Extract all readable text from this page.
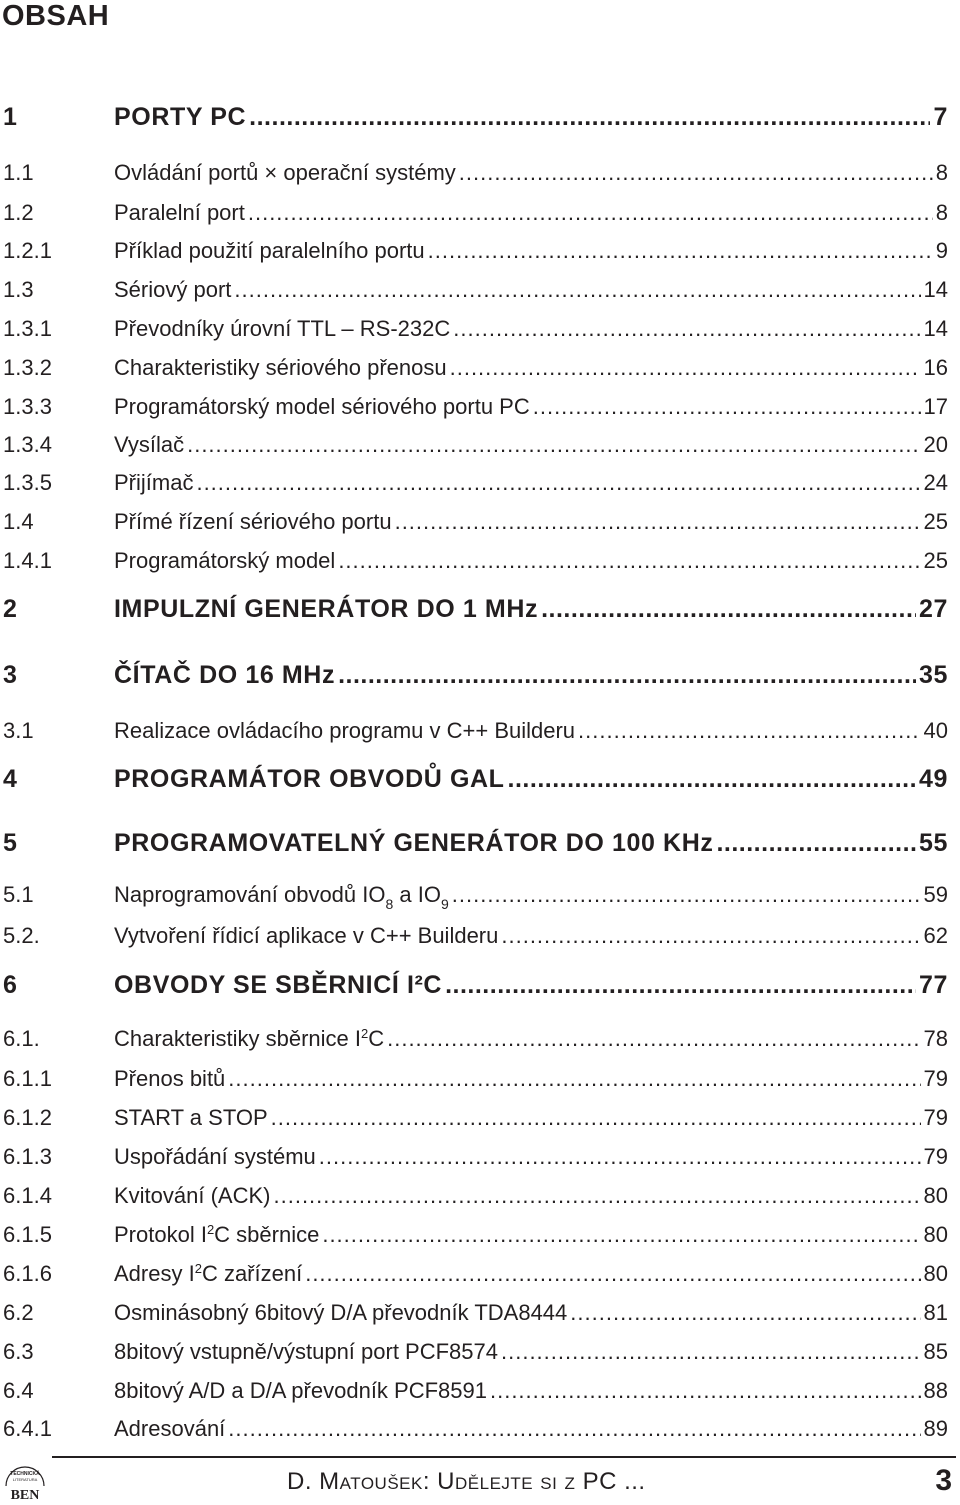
OBSAH
1	PORTY PC .....	7
1.1	Ovládání portů × operační systémy .....	8
1.2	Paralelní port .....	8
1.2.1	Příklad použití paralelního portu .....	9
1.3	Sériový port .....	14
1.3.1	Převodníky úrovní TTL – RS-232C .....	14
1.3.2	Charakteristiky sériového přenosu .....	16
1.3.3	Programátorský model sériového portu PC .....	17
1.3.4	Vysílač .....	20
1.3.5	Přijímač .....	24
1.4	Přímé řízení sériového portu .....	25
1.4.1	Programátorský model .....	25
2	IMPULZNÍ GENERÁTOR DO 1 MHz .....	27
3	ČÍTAČ DO 16 MHz .....	35
3.1	Realizace ovládacího programu v C++ Builderu .....	40
4	PROGRAMÁTOR OBVODŮ GAL .....	49
5	PROGRAMOVATELNÝ GENERÁTOR DO 100 KHz .....	55
5.1	Naprogramování obvodů $IO_8$ a $IO_9$ .....	59
5.2.	Vytvoření řídicí aplikace v C++ Builderu .....	62
6	OBVODY SE SBĚRNICÍ I²C .....	77
6.1.	Charakteristiky sběrnice $I^2C$ .....	78
6.1.1	Přenos bitů .....	79
6.1.2	START a STOP .....	79
6.1.3	Uspořádání systému .....	79
6.1.4	Kvitování (ACK) .....	80
6.1.5	Protokol $I^2C$ sběrnice .....	80
6.1.6	Adresy $I^2C$ zařízení .....	80
6.2	Osminásobný 6bitový D/A převodník TDA8444 .....	81
6.3	8bitový vstupně/výstupní port PCF8574 .....	85
6.4	8bitový A/D a D/A převodník PCF8591 .....	88
6.4.1	Adresování .....	89
TECHNICKÁ
LITERATURA
BEN
D. Matoušek: Udělejte si z PC ...	3
